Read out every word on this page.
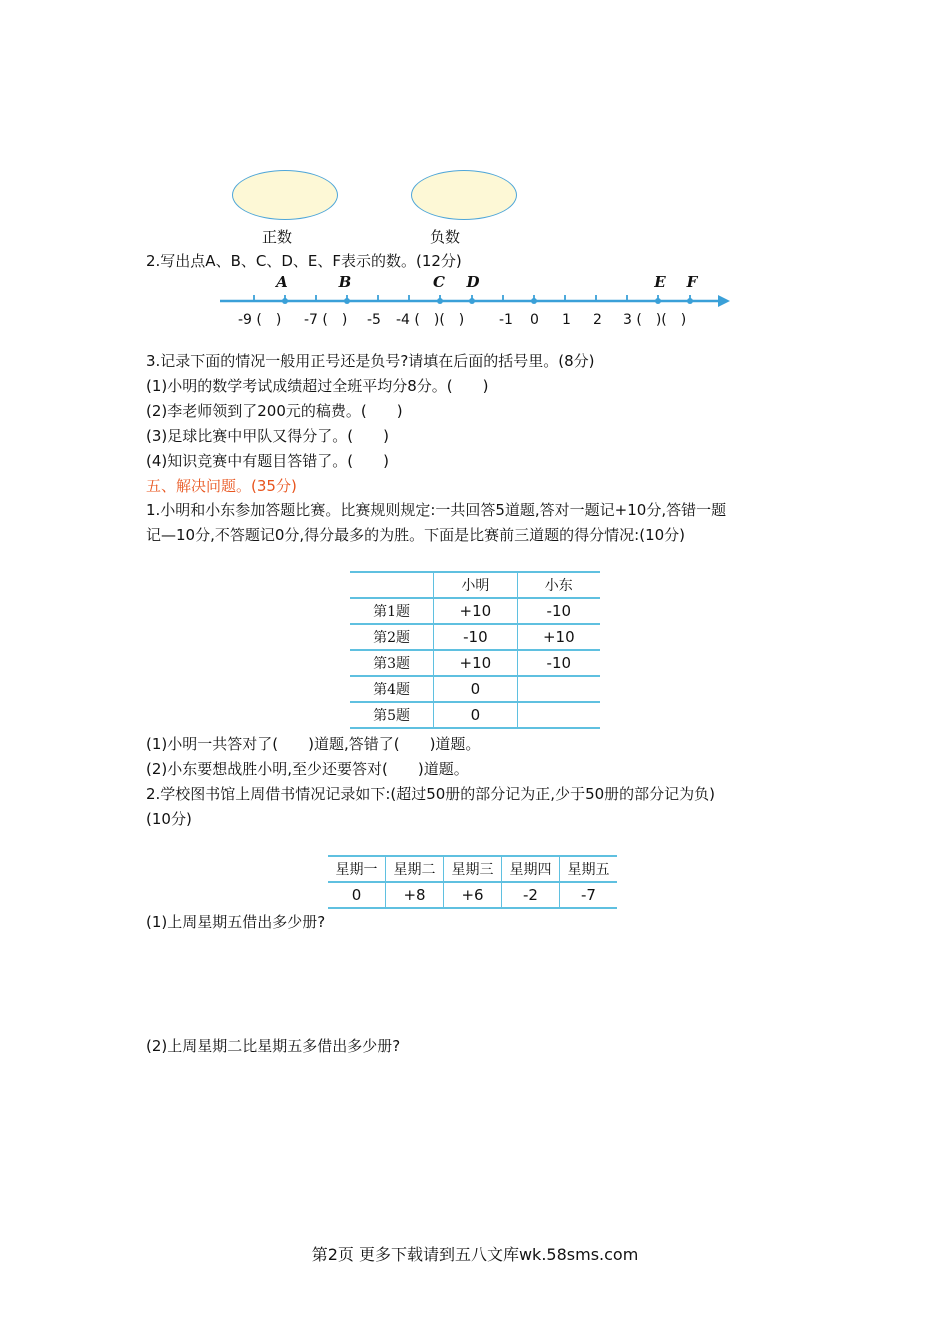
正数	负数
2.写出点A、B、C、D、E、F表示的数。(12分)
A	B	C D	E F
-9 (　) -7 (　) -5 -4 (　)(　) -1 0 1 2 3 (　)(　)
3.记录下面的情况一般用正号还是负号?请填在后面的括号里。(8分)
(1)小明的数学考试成绩超过全班平均分8分。(　　)
(2)李老师领到了200元的稿费。(　　)
(3)足球比赛中甲队又得分了。(　　)
(4)知识竞赛中有题目答错了。(　　)
五、解决问题。(35分)
1.小明和小东参加答题比赛。比赛规则规定:一共回答5道题,答对一题记+10分,答错一题
记—10分,不答题记0分,得分最多的为胜。下面是比赛前三道题的得分情况:(10分)
	小明	小东
第1题	+10	-10
第2题	-10	+10
第3题	+10	-10
第4题	0	
第5题	0	
(1)小明一共答对了(　　)道题,答错了(　　)道题。
(2)小东要想战胜小明,至少还要答对(　　)道题。
2.学校图书馆上周借书情况记录如下:(超过50册的部分记为正,少于50册的部分记为负)
(10分)
星期一	星期二	星期三	星期四	星期五
0	+8	+6	-2	-7
(1)上周星期五借出多少册?
(2)上周星期二比星期五多借出多少册?
第2页 更多下载请到五八文库wk.58sms.com
